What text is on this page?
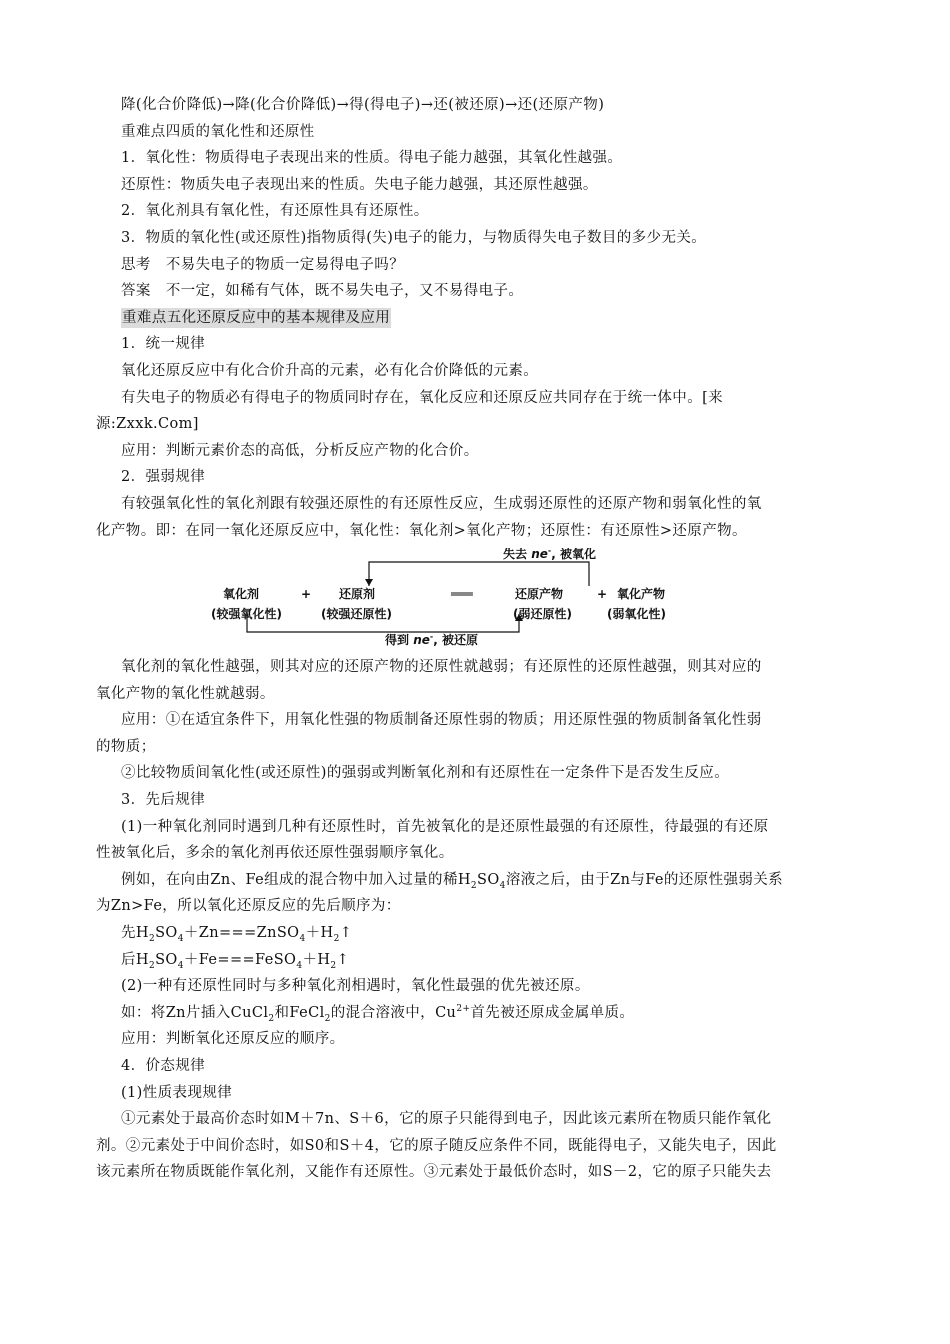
降(化合价降低)→降(化合价降低)→得(得电子)→还(被还原)→还(还原产物)
重难点四质的氧化性和还原性
1．氧化性：物质得电子表现出来的性质。得电子能力越强，其氧化性越强。
还原性：物质失电子表现出来的性质。失电子能力越强，其还原性越强。
2．氧化剂具有氧化性，有还原性具有还原性。
3．物质的氧化性(或还原性)指物质得(失)电子的能力，与物质得失电子数目的多少无关。
思考　不易失电子的物质一定易得电子吗？
答案　不一定，如稀有气体，既不易失电子，又不易得电子。
重难点五化还原反应中的基本规律及应用
1．统一规律
氧化还原反应中有化合价升高的元素，必有化合价降低的元素。
有失电子的物质必有得电子的物质同时存在，氧化反应和还原反应共同存在于统一体中。[来
源:Zxxk.Com]
应用：判断元素价态的高低，分析反应产物的化合价。
2．强弱规律
有较强氧化性的氧化剂跟有较强还原性的有还原性反应，生成弱还原性的还原产物和弱氧化性的氧
化产物。即：在同一氧化还原反应中，氧化性：氧化剂>氧化产物；还原性：有还原性>还原产物。
失去 ne-, 被氧化
氧化剂	+ 还原剂	═══	还原产物	+ 氧化产物
(较强氧化性)	(较强还原性)	(弱还原性)	(弱氧化性)
得到 ne-, 被还原
氧化剂的氧化性越强，则其对应的还原产物的还原性就越弱；有还原性的还原性越强，则其对应的
氧化产物的氧化性就越弱。
应用：①在适宜条件下，用氧化性强的物质制备还原性弱的物质；用还原性强的物质制备氧化性弱
的物质；
②比较物质间氧化性(或还原性)的强弱或判断氧化剂和有还原性在一定条件下是否发生反应。
3．先后规律
(1)一种氧化剂同时遇到几种有还原性时，首先被氧化的是还原性最强的有还原性，待最强的有还原
性被氧化后，多余的氧化剂再依还原性强弱顺序氧化。
例如，在向由Zn、Fe组成的混合物中加入过量的稀$H_2SO_4$溶液之后，由于Zn与Fe的还原性强弱关系
为Zn>Fe，所以氧化还原反应的先后顺序为：
先$H_2SO_4+Zn===ZnSO_4+H_2↑$
后$H_2SO_4+Fe===FeSO_4+H_2↑$
(2)一种有还原性同时与多种氧化剂相遇时，氧化性最强的优先被还原。
如：将Zn片插入CuCl$_2$和FeCl$_2$的混合溶液中，$Cu^{2+}$首先被还原成金属单质。
应用：判断氧化还原反应的顺序。
4．价态规律
(1)性质表现规律
①元素处于最高价态时如M＋7n、S＋6，它的原子只能得到电子，因此该元素所在物质只能作氧化
剂。②元素处于中间价态时，如S0和S＋4，它的原子随反应条件不同，既能得电子，又能失电子，因此
该元素所在物质既能作氧化剂，又能作有还原性。③元素处于最低价态时，如S－2，它的原子只能失去
